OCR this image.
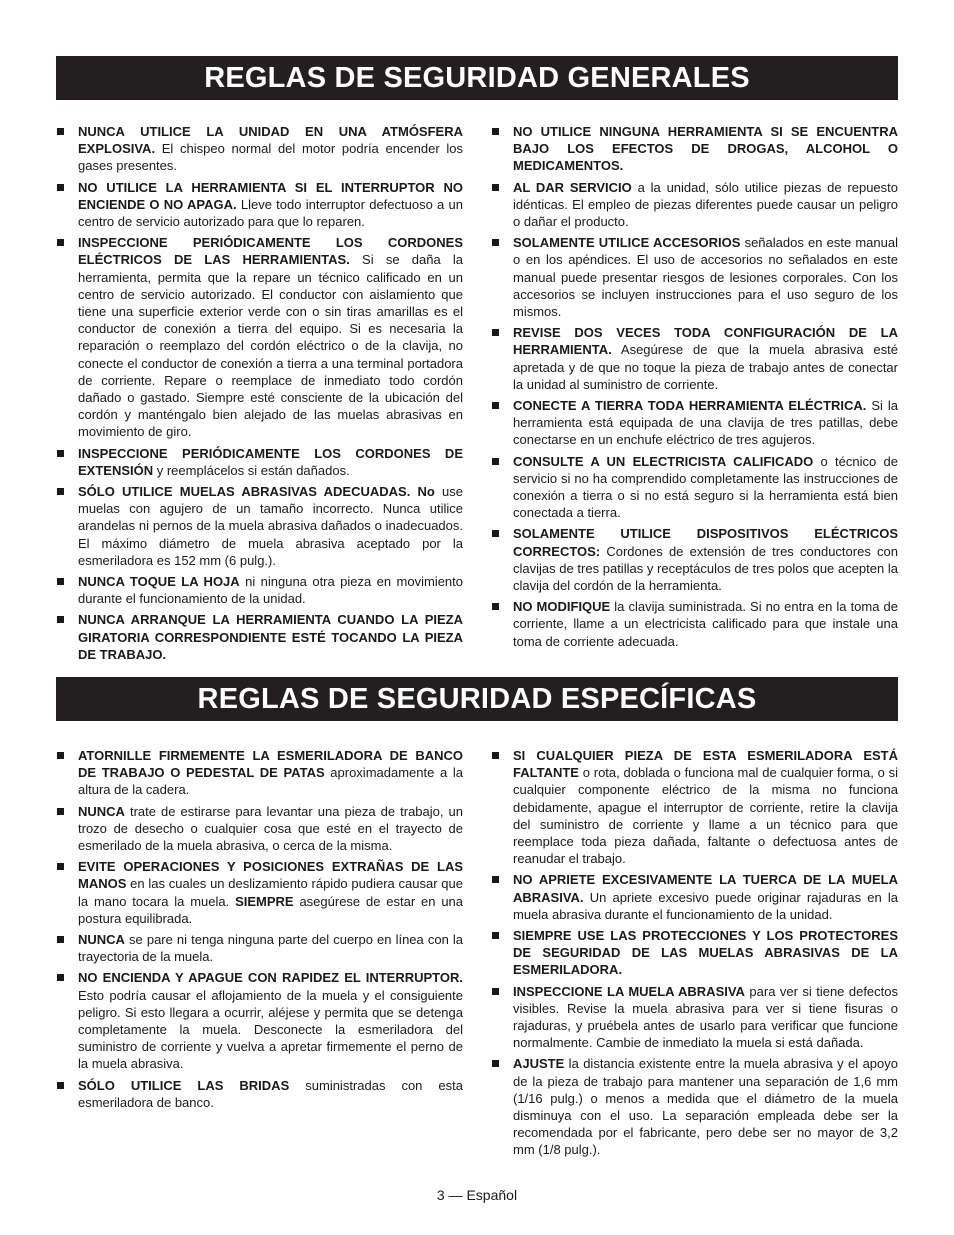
REGLAS DE SEGURIDAD GENERALES

NUNCA UTILICE LA UNIDAD EN UNA ATMÓSFERA EXPLOSIVA. El chispeo normal del motor podría encender los gases presentes.

NO UTILICE LA HERRAMIENTA SI EL INTERRUPTOR NO ENCIENDE O NO APAGA. Lleve todo interruptor defectuoso a un centro de servicio autorizado para que lo reparen.

INSPECCIONE PERIÓDICAMENTE LOS CORDONES ELÉCTRICOS DE LAS HERRAMIENTAS. Si se daña la herramienta, permita que la repare un técnico calificado en un centro de servicio autorizado. El conductor con aislamiento que tiene una superficie exterior verde con o sin tiras amarillas es el conductor de conexión a tierra del equipo. Si es necesaria la reparación o reemplazo del cordón eléctrico o de la clavija, no conecte el conductor de conexión a tierra a una terminal portadora de corriente. Repare o reemplace de inmediato todo cordón dañado o gastado. Siempre esté consciente de la ubicación del cordón y manténgalo bien alejado de las muelas abrasivas en movimiento de giro.

INSPECCIONE PERIÓDICAMENTE LOS CORDONES DE EXTENSIÓN y reemplácelos si están dañados.

SÓLO UTILICE MUELAS ABRASIVAS ADECUADAS. No use muelas con agujero de un tamaño incorrecto. Nunca utilice arandelas ni pernos de la muela abrasiva dañados o inadecuados. El máximo diámetro de muela abrasiva aceptado por la esmeriladora es 152 mm (6 pulg.).

NUNCA TOQUE LA HOJA ni ninguna otra pieza en movimiento durante el funcionamiento de la unidad.

NUNCA ARRANQUE LA HERRAMIENTA CUANDO LA PIEZA GIRATORIA CORRESPONDIENTE ESTÉ TOCANDO LA PIEZA DE TRABAJO.

NO UTILICE NINGUNA HERRAMIENTA SI SE ENCUENTRA BAJO LOS EFECTOS DE DROGAS, ALCOHOL O MEDICAMENTOS.

AL DAR SERVICIO a la unidad, sólo utilice piezas de repuesto idénticas. El empleo de piezas diferentes puede causar un peligro o dañar el producto.

SOLAMENTE UTILICE ACCESORIOS señalados en este manual o en los apéndices. El uso de accesorios no señalados en este manual puede presentar riesgos de lesiones corporales. Con los accesorios se incluyen instrucciones para el uso seguro de los mismos.

REVISE DOS VECES TODA CONFIGURACIÓN DE LA HERRAMIENTA. Asegúrese de que la muela abrasiva esté apretada y de que no toque la pieza de trabajo antes de conectar la unidad al suministro de corriente.

CONECTE A TIERRA TODA HERRAMIENTA ELÉCTRICA. Si la herramienta está equipada de una clavija de tres patillas, debe conectarse en un enchufe eléctrico de tres agujeros.

CONSULTE A UN ELECTRICISTA CALIFICADO o técnico de servicio si no ha comprendido completamente las instrucciones de conexión a tierra o si no está seguro si la herramienta está bien conectada a tierra.

SOLAMENTE UTILICE DISPOSITIVOS ELÉCTRICOS CORRECTOS: Cordones de extensión de tres conductores con clavijas de tres patillas y receptáculos de tres polos que acepten la clavija del cordón de la herramienta.

NO MODIFIQUE la clavija suministrada. Si no entra en la toma de corriente, llame a un electricista calificado para que instale una toma de corriente adecuada.

REGLAS DE SEGURIDAD ESPECÍFICAS

ATORNILLE FIRMEMENTE LA ESMERILADORA DE BANCO DE TRABAJO O PEDESTAL DE PATAS aproximadamente a la altura de la cadera.

NUNCA trate de estirarse para levantar una pieza de trabajo, un trozo de desecho o cualquier cosa que esté en el trayecto de esmerilado de la muela abrasiva, o cerca de la misma.

EVITE OPERACIONES Y POSICIONES EXTRAÑAS DE LAS MANOS en las cuales un deslizamiento rápido pudiera causar que la mano tocara la muela. SIEMPRE asegúrese de estar en una postura equilibrada.

NUNCA se pare ni tenga ninguna parte del cuerpo en línea con la trayectoria de la muela.

NO ENCIENDA Y APAGUE CON RAPIDEZ EL INTERRUPTOR. Esto podría causar el aflojamiento de la muela y el consiguiente peligro. Si esto llegara a ocurrir, aléjese y permita que se detenga completamente la muela. Desconecte la esmeriladora del suministro de corriente y vuelva a apretar firmemente el perno de la muela abrasiva.

SÓLO UTILICE LAS BRIDAS suministradas con esta esmeriladora de banco.

SI CUALQUIER PIEZA DE ESTA ESMERILADORA ESTÁ FALTANTE o rota, doblada o funciona mal de cualquier forma, o si cualquier componente eléctrico de la misma no funciona debidamente, apague el interruptor de corriente, retire la clavija del suministro de corriente y llame a un técnico para que reemplace toda pieza dañada, faltante o defectuosa antes de reanudar el trabajo.

NO APRIETE EXCESIVAMENTE LA TUERCA DE LA MUELA ABRASIVA. Un apriete excesivo puede originar rajaduras en la muela abrasiva durante el funcionamiento de la unidad.

SIEMPRE USE LAS PROTECCIONES Y LOS PROTECTORES DE SEGURIDAD DE LAS MUELAS ABRASIVAS DE LA ESMERILADORA.

INSPECCIONE LA MUELA ABRASIVA para ver si tiene defectos visibles. Revise la muela abrasiva para ver si tiene fisuras o rajaduras, y pruébela antes de usarlo para verificar que funcione normalmente. Cambie de inmediato la muela si está dañada.

AJUSTE la distancia existente entre la muela abrasiva y el apoyo de la pieza de trabajo para mantener una separación de 1,6 mm (1/16 pulg.) o menos a medida que el diámetro de la muela disminuya con el uso. La separación empleada debe ser la recomendada por el fabricante, pero debe ser no mayor de 3,2 mm (1/8 pulg.).

3 — Español
